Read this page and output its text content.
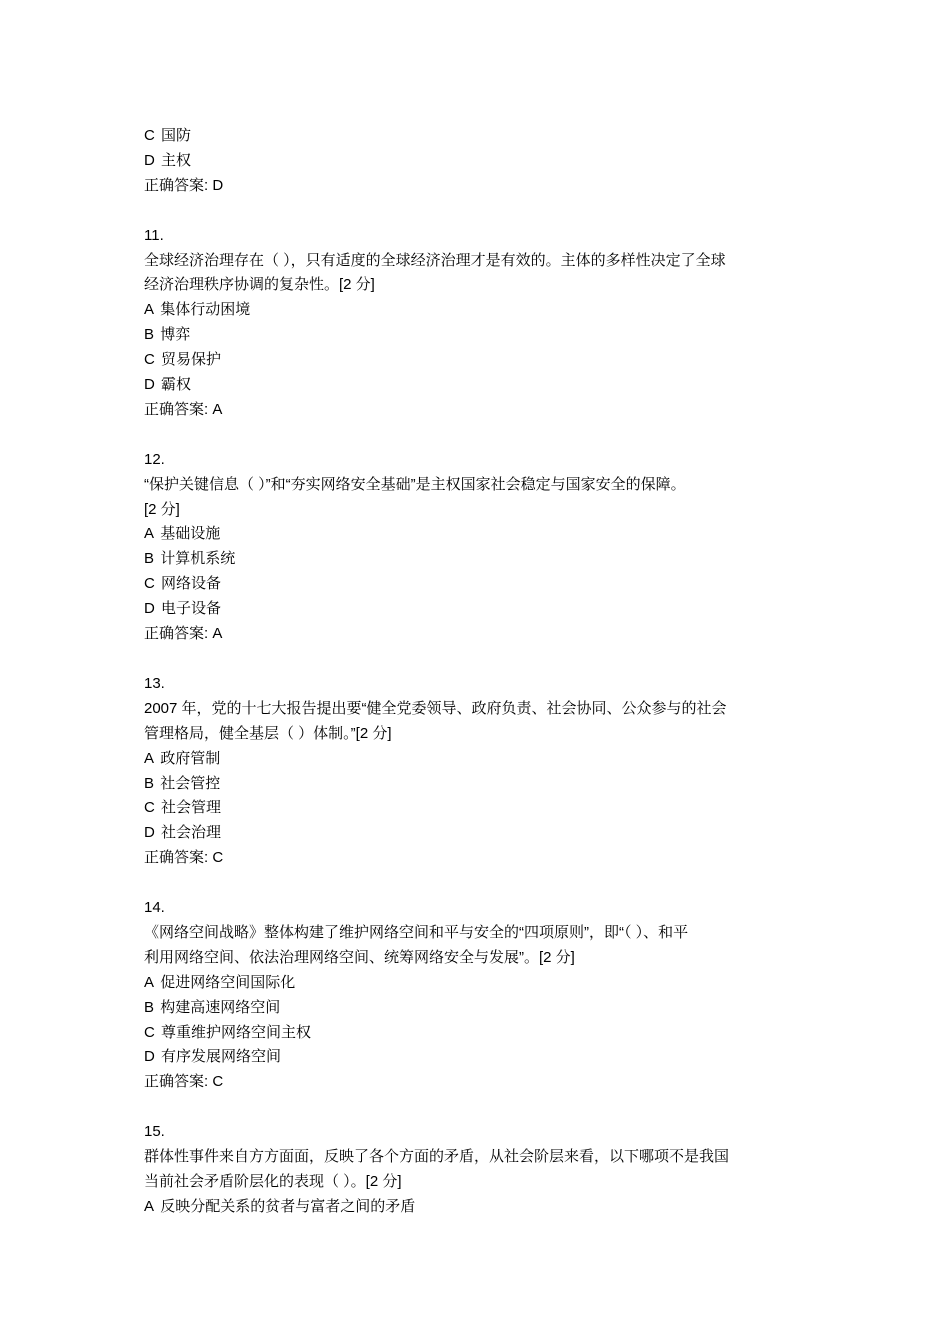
C 国防
D 主权
正确答案: D
11.
全球经济治理存在（ ），只有适度的全球经济治理才是有效的。主体的多样性决定了全球
经济治理秩序协调的复杂性。[2 分]
A 集体行动困境
B 博弈
C 贸易保护
D 霸权
正确答案: A
12.
“保护关键信息（ ）”和“夯实网络安全基础”是主权国家社会稳定与国家安全的保障。
[2 分]
A 基础设施
B 计算机系统
C 网络设备
D 电子设备
正确答案: A
13.
2007 年，党的十七大报告提出要“健全党委领导、政府负责、社会协同、公众参与的社会
管理格局，健全基层（ ）体制。”[2 分]
A 政府管制
B 社会管控
C 社会管理
D 社会治理
正确答案: C
14.
《网络空间战略》整体构建了维护网络空间和平与安全的“四项原则”，即“（ ）、和平
利用网络空间、依法治理网络空间、统筹网络安全与发展”。[2 分]
A 促进网络空间国际化
B 构建高速网络空间
C 尊重维护网络空间主权
D 有序发展网络空间
正确答案: C
15.
群体性事件来自方方面面，反映了各个方面的矛盾，从社会阶层来看，以下哪项不是我国
当前社会矛盾阶层化的表现（ ）。[2 分]
A 反映分配关系的贫者与富者之间的矛盾
